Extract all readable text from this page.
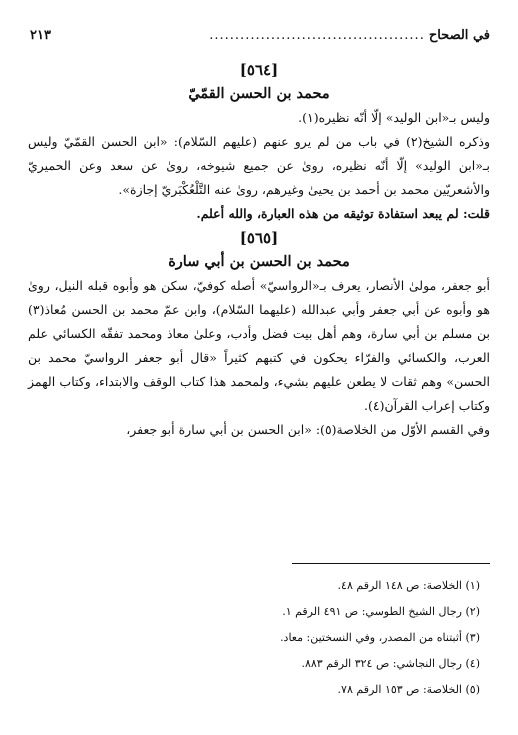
في الصحاح
..........................................
٢١٣

[٥٦٤]

محمد بن الحسن القمّيّ

وليس بـ«ابن الوليد» إلّا أنّه نظيره(١).

وذكره الشيخ(٢) في باب من لم يرو عنهم (عليهم السّلام): «ابن الحسن القمّيّ وليس بـ«ابن الوليد» إلّا أنّه نظيره، روىٰ عن جميع شيوخه، روىٰ عن سعد وعن الحميريّ والأشعريّين محمد بن أحمد بن يحيىٰ وغيرهم، روىٰ عنه التَّلْعُكْبَريّ إجازة».

قلت: لم يبعد استفادة توثيقه من هذه العبارة، والله أعلم.

[٥٦٥]

محمد بن الحسن بن أبي سارة

أبو جعفر، مولىٰ الأنصار، يعرف بـ«الرواسيّ» أصله كوفيّ، سكن هو وأبوه قبله النيل، روىٰ هو وأبوه عن أبي جعفر وأبي عبدالله (عليهما السّلام)، وابن عمّ محمد بن الحسن مُعاذ(٣) بن مسلم بن أبي سارة، وهم أهل بيت فضل وأدب، وعلىٰ معاذ ومحمد تفقّه الكسائي علم العرب، والكسائي والفرّاء يحكون في كتبهم كثيراً «قال أبو جعفر الرواسيّ محمد بن الحسن» وهم ثقات لا يطعن عليهم بشيء، ولمحمد هذا كتاب الوقف والابتداء، وكتاب الهمز وكتاب إعراب القرآن(٤).

وفي القسم الأوّل من الخلاصة(٥): «ابن الحسن بن أبي سارة أبو جعفر،

(١) الخلاصة: ص ١٤٨ الرقم ٤٨.

(٢) رجال الشيخ الطوسي: ص ٤٩١ الرقم ١.

(٣) أثبتناه من المصدر، وفي النسختين: معاد.

(٤) رجال النجاشي: ص ٣٢٤ الرقم ٨٨٣.

(٥) الخلاصة: ص ١٥٣ الرقم ٧٨.
